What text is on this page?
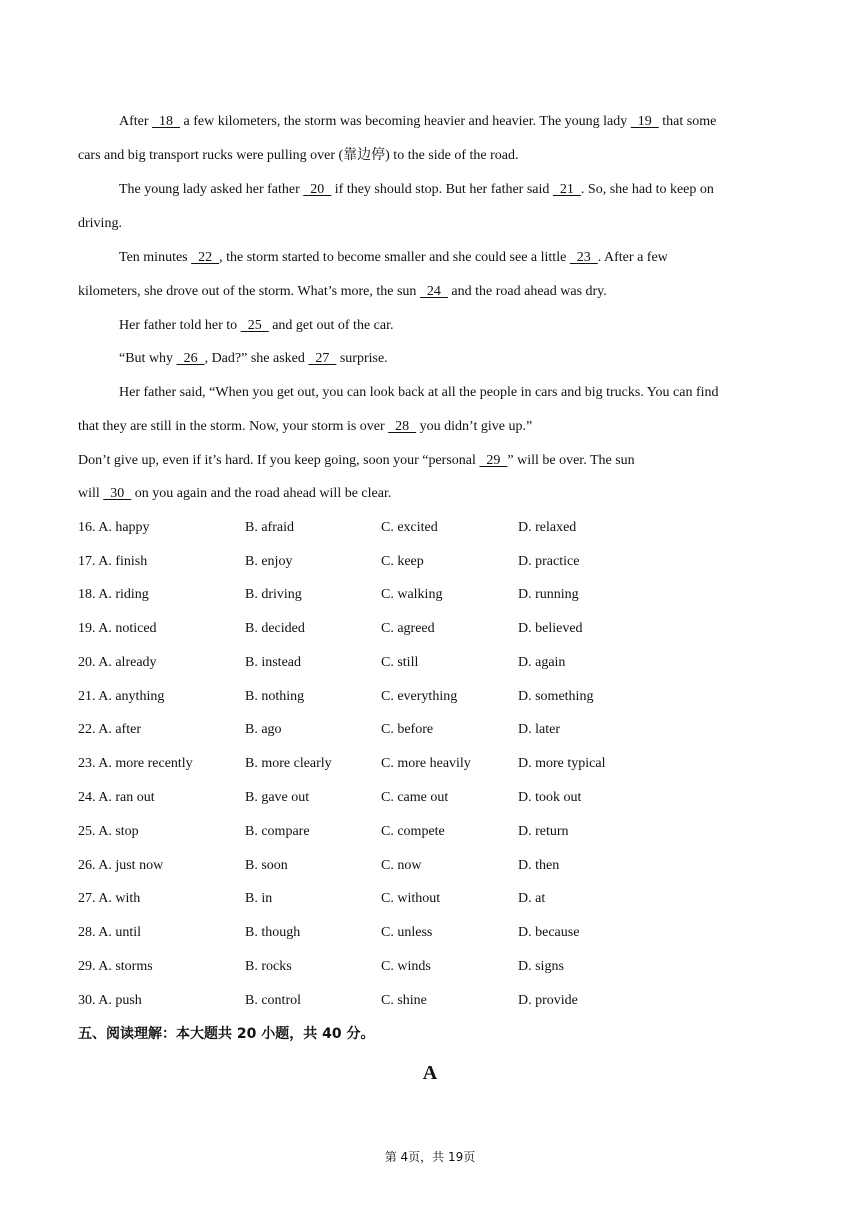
After   18   a few kilometers, the storm was becoming heavier and heavier. The young lady   19   that some
cars and big transport rucks were pulling over (靠边停) to the side of the road.
The young lady asked her father   20   if they should stop. But her father said   21  . So, she had to keep on
driving.
Ten minutes   22  , the storm started to become smaller and she could see a little   23  . After a few
kilometers, she drove out of the storm. What’s more, the sun   24   and the road ahead was dry.
Her father told her to   25   and get out of the car.
“But why   26  , Dad?” she asked   27   surprise.
Her father said, “When you get out, you can look back at all the people in cars and big trucks. You can find
that they are still in the storm. Now, your storm is over   28   you didn’t give up.”
Don’t give up, even if it’s hard. If you keep going, soon your “personal   29  ” will be over. The sun
will   30   on you again and the road ahead will be clear.
16. A. happy	B. afraid	C. excited	D. relaxed
17. A. finish	B. enjoy	C. keep	D. practice
18. A. riding	B. driving	C. walking	D. running
19. A. noticed	B. decided	C. agreed	D. believed
20. A. already	B. instead	C. still	D. again
21. A. anything	B. nothing	C. everything	D. something
22. A. after	B. ago	C. before	D. later
23. A. more recently	B. more clearly	C. more heavily	D. more typical
24. A. ran out	B. gave out	C. came out	D. took out
25. A. stop	B. compare	C. compete	D. return
26. A. just now	B. soon	C. now	D. then
27. A. with	B. in	C. without	D. at
28. A. until	B. though	C. unless	D. because
29. A. storms	B. rocks	C. winds	D. signs
30. A. push	B. control	C. shine	D. provide
五、阅读理解：本大题共 20 小题，共 40 分。
A
第 4页，共 19页
